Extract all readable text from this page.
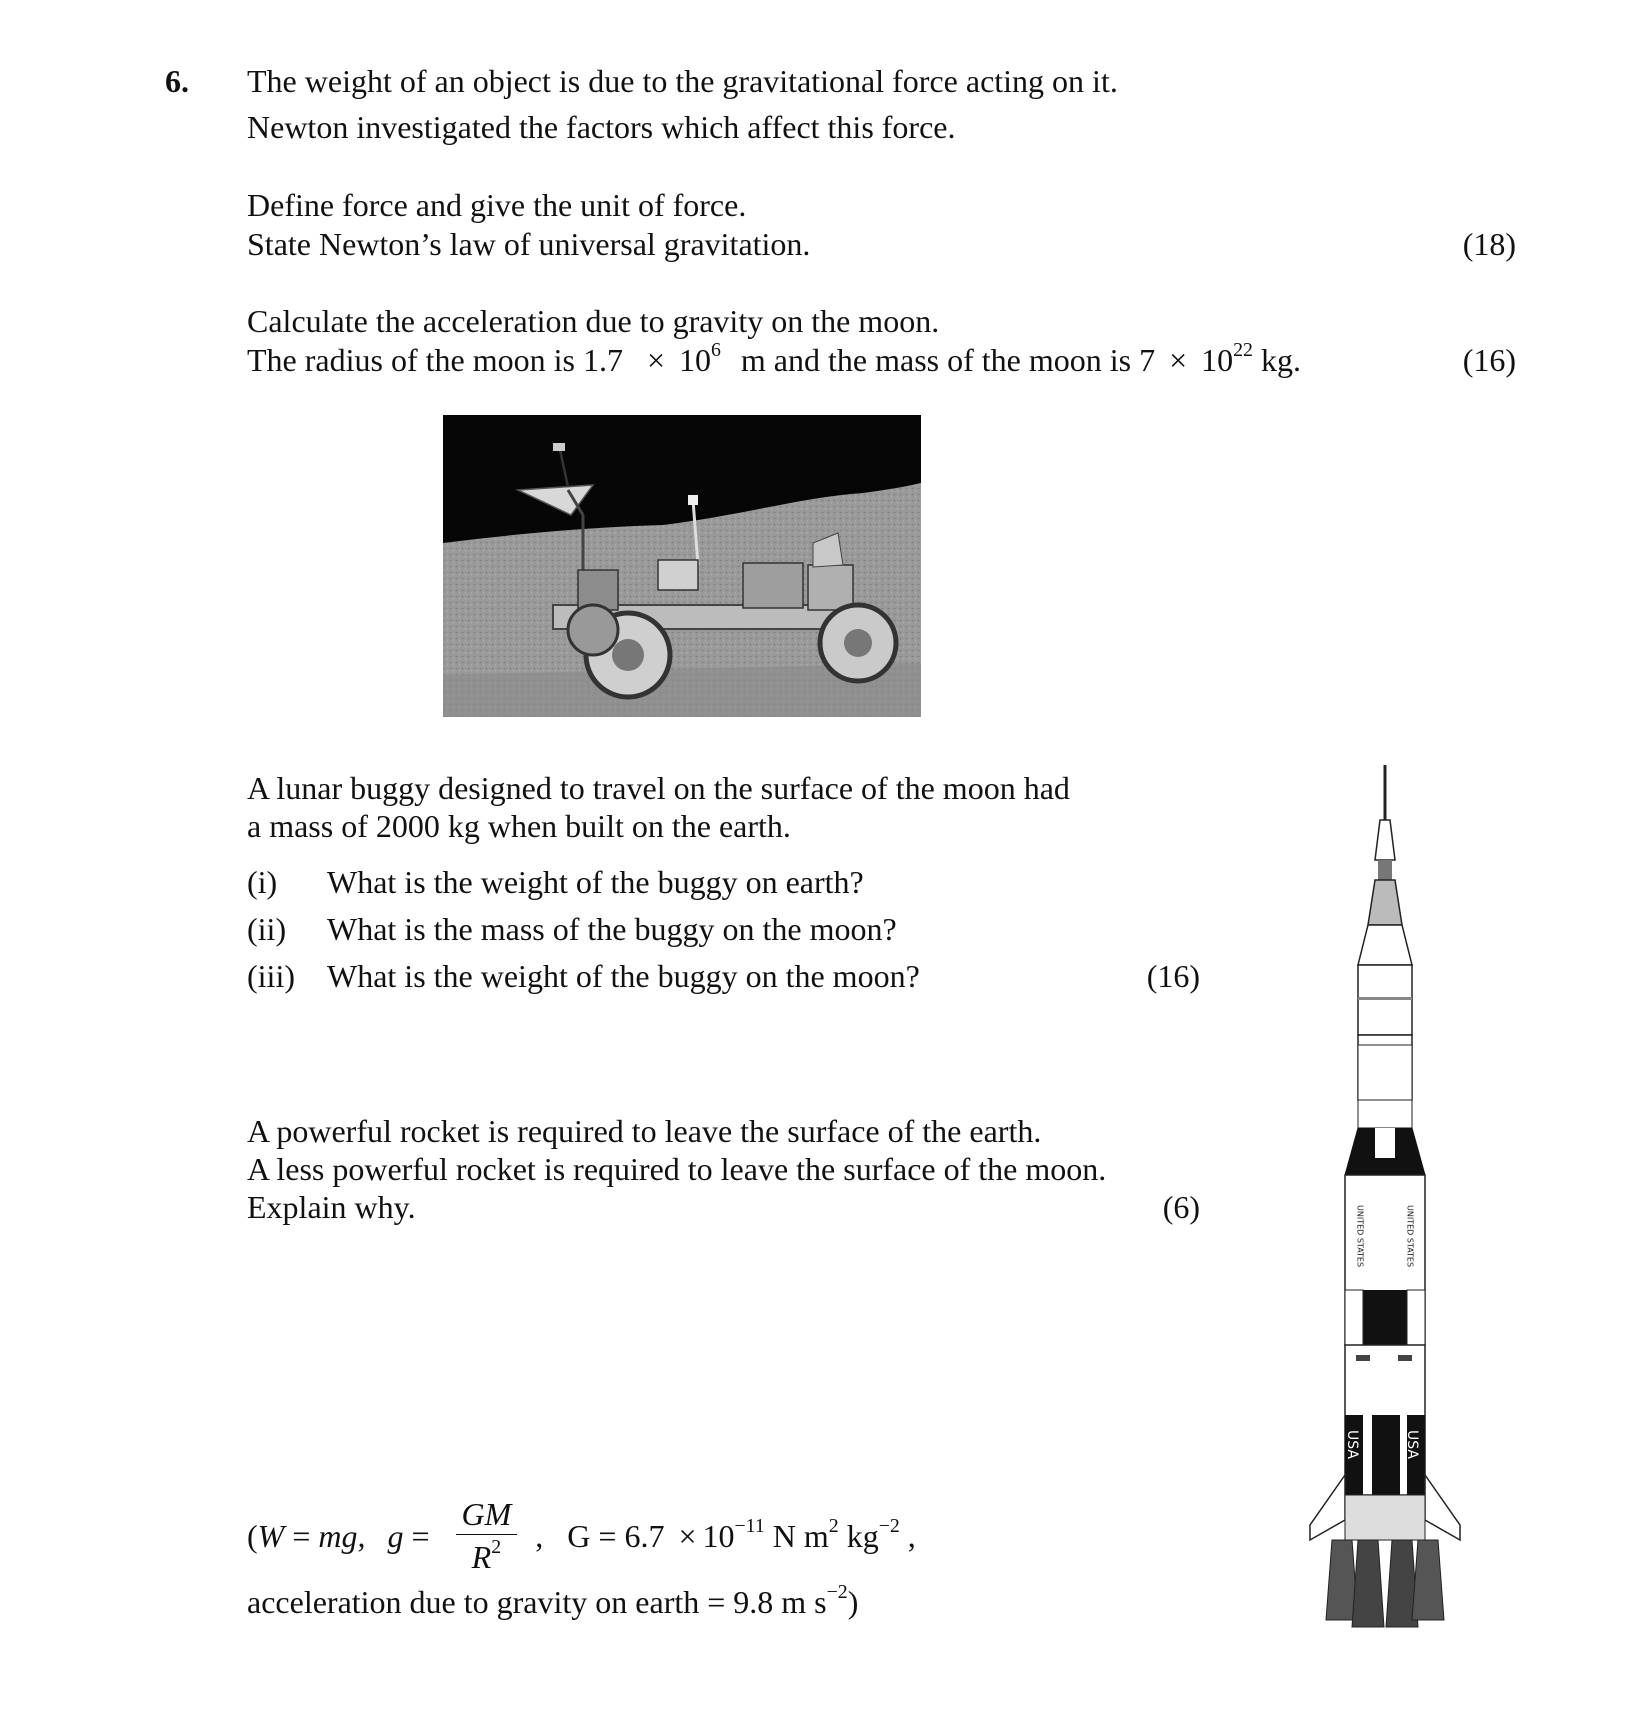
6. The weight of an object is due to the gravitational force acting on it.
Newton investigated the factors which affect this force.
Define force and give the unit of force.
State Newton’s law of universal gravitation.	(18)
Calculate the acceleration due to gravity on the moon.
The radius of the moon is $1.7 \times 10^6$ m and the mass of the moon is $7 \times 10^{22}$ kg.	(16)
A lunar buggy designed to travel on the surface of the moon had
a mass of 2000 kg when built on the earth.
(i) What is the weight of the buggy on earth?
(ii) What is the mass of the buggy on the moon?
(iii) What is the weight of the buggy on the moon?	(16)
A powerful rocket is required to leave the surface of the earth.
A less powerful rocket is required to leave the surface of the moon.
Explain why.	(6)
(W = mg, $g = \frac{GM}{R^2}$ , $G = 6.7 \times 10^{-11}$ N $m^2$ $kg^{-2}$ ,
acceleration due to gravity on earth = 9.8 m $s^{-2}$)
UNITED STATES	UNITED STATES
USA	USA
